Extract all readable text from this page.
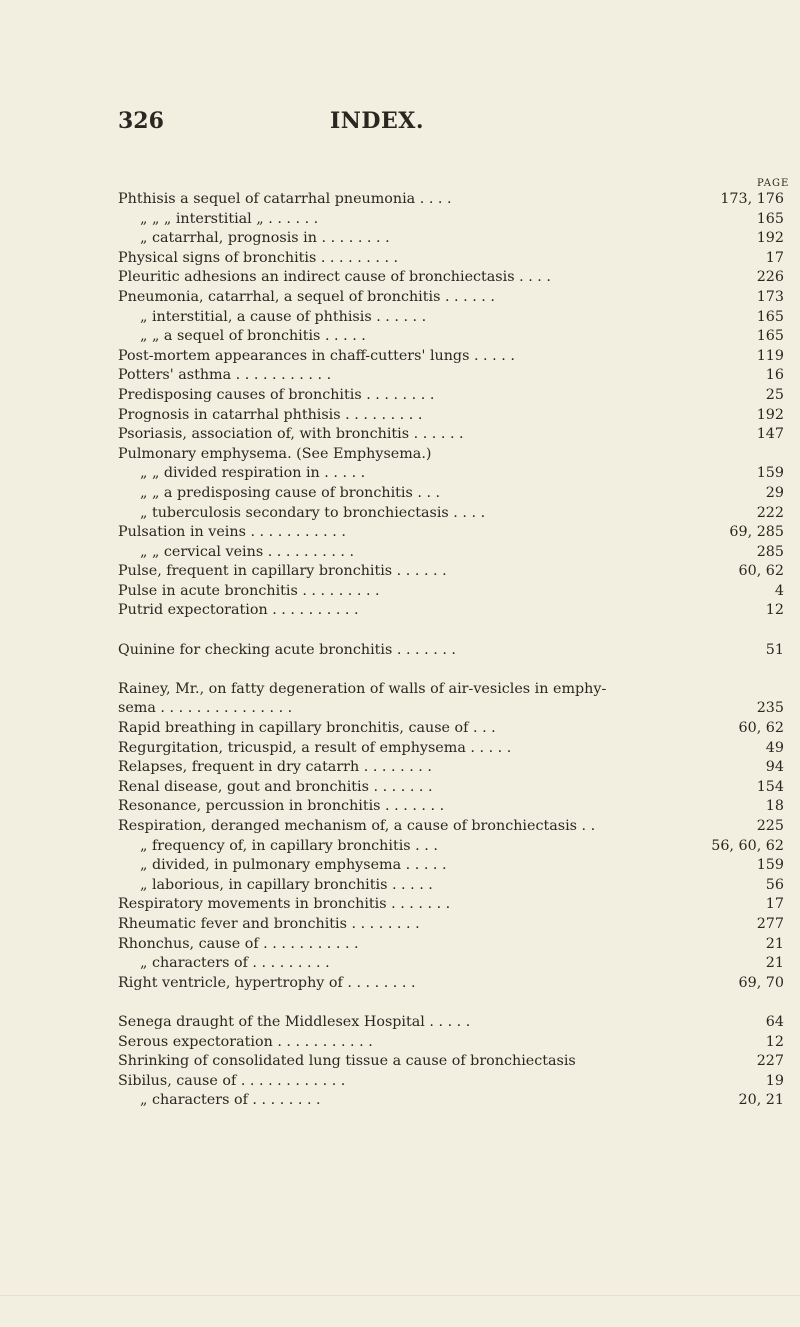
326	INDEX.
PAGE
Phthisis a sequel of catarrhal pneumonia . . . .	173, 176
„ „ „ interstitial „ . . . . . .	165
„ catarrhal, prognosis in . . . . . . . .	192
Physical signs of bronchitis . . . . . . . . .	17
Pleuritic adhesions an indirect cause of bronchiectasis . . . .	226
Pneumonia, catarrhal, a sequel of bronchitis . . . . . .	173
„ interstitial, a cause of phthisis . . . . . .	165
„ „ a sequel of bronchitis . . . . .	165
Post-mortem appearances in chaff-cutters' lungs . . . . .	119
Potters' asthma . . . . . . . . . . .	16
Predisposing causes of bronchitis . . . . . . . .	25
Prognosis in catarrhal phthisis . . . . . . . . .	192
Psoriasis, association of, with bronchitis . . . . . .	147
Pulmonary emphysema. (See Emphysema.)
„ „ divided respiration in . . . . .	159
„ „ a predisposing cause of bronchitis . . .	29
„ tuberculosis secondary to bronchiectasis . . . .	222
Pulsation in veins . . . . . . . . . . .	69, 285
„ „ cervical veins . . . . . . . . . .	285
Pulse, frequent in capillary bronchitis . . . . . .	60, 62
Pulse in acute bronchitis . . . . . . . . .	4
Putrid expectoration . . . . . . . . . .	12
Quinine for checking acute bronchitis . . . . . . .	51
Rainey, Mr., on fatty degeneration of walls of air-vesicles in emphy-
sema . . . . . . . . . . . . . . .	235
Rapid breathing in capillary bronchitis, cause of . . .	60, 62
Regurgitation, tricuspid, a result of emphysema . . . . .	49
Relapses, frequent in dry catarrh . . . . . . . .	94
Renal disease, gout and bronchitis . . . . . . .	154
Resonance, percussion in bronchitis . . . . . . .	18
Respiration, deranged mechanism of, a cause of bronchiectasis . .	225
„ frequency of, in capillary bronchitis . . .	56, 60, 62
„ divided, in pulmonary emphysema . . . . .	159
„ laborious, in capillary bronchitis . . . . .	56
Respiratory movements in bronchitis . . . . . . .	17
Rheumatic fever and bronchitis . . . . . . . .	277
Rhonchus, cause of . . . . . . . . . . .	21
„ characters of . . . . . . . . .	21
Right ventricle, hypertrophy of . . . . . . . .	69, 70
Senega draught of the Middlesex Hospital . . . . .	64
Serous expectoration . . . . . . . . . . .	12
Shrinking of consolidated lung tissue a cause of bronchiectasis	227
Sibilus, cause of . . . . . . . . . . . .	19
„ characters of . . . . . . . .	20, 21
